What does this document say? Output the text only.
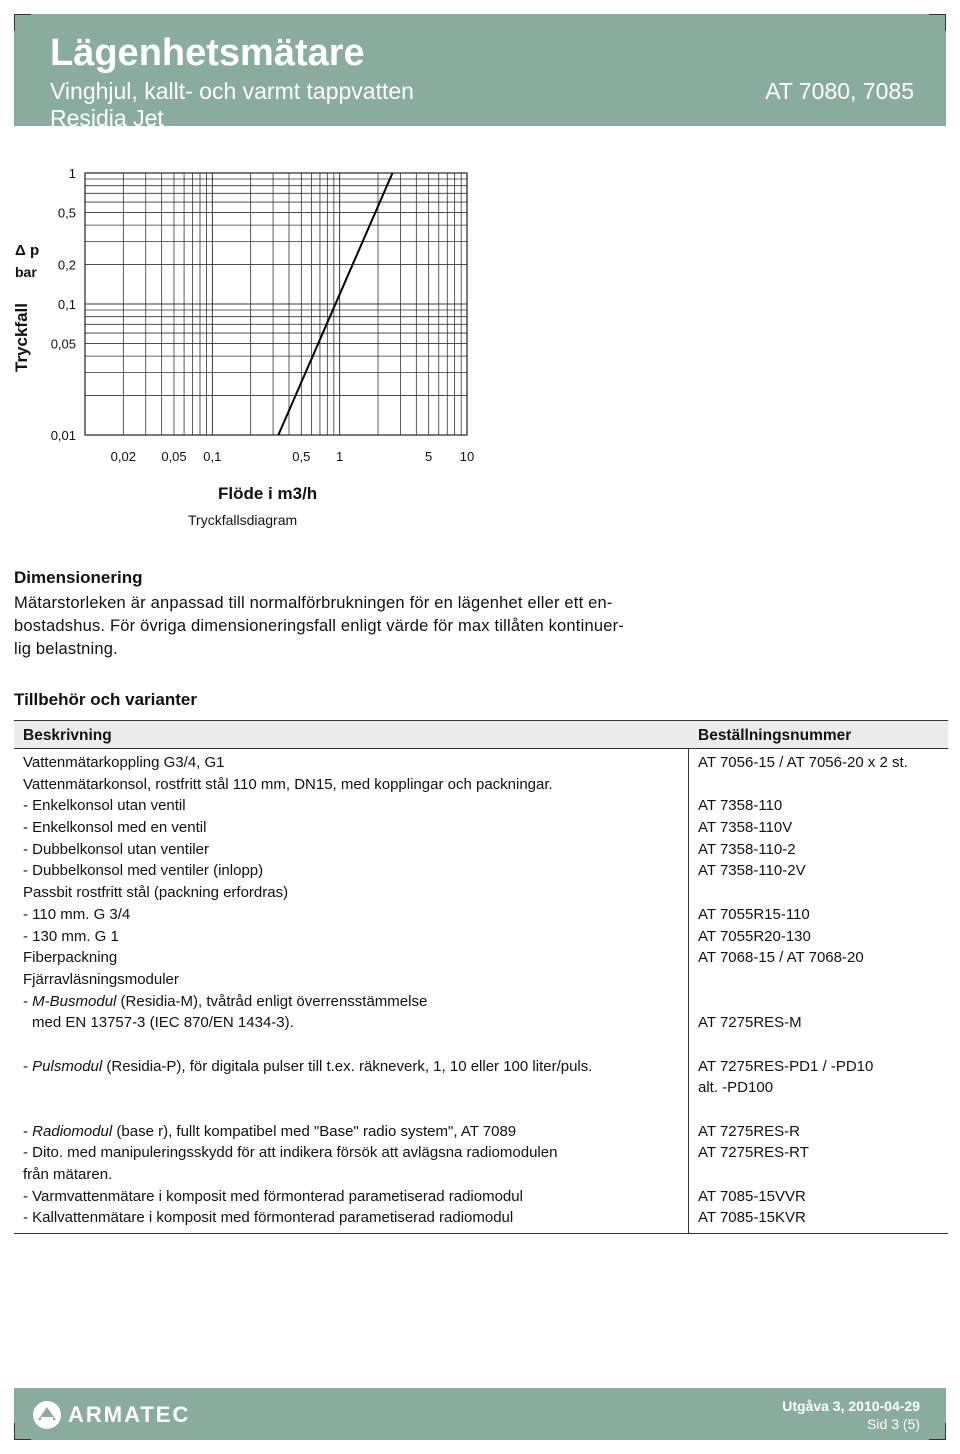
Lägenhetsmätare
Vinghjul, kallt- och varmt tappvatten
Residia Jet
AT 7080, 7085
0,02 0,05 0,1	0,5 1	5 10
1
0,5
0,2
0,1
0,05
0,01
Δ p
bar
Tryckfall
Flöde i m3/h
Tryckfallsdiagram
Dimensionering
Mätarstorleken är anpassad till normalförbrukningen för en lägenhet eller ett en-
bostadshus. För övriga dimensioneringsfall enligt värde för max tillåten kontinuer-
lig belastning.
Tillbehör och varianter
Beskrivning	Beställningsnummer
Vattenmätarkoppling G3/4, G1	AT 7056-15 / AT 7056-20 x 2 st.
Vattenmätarkonsol, rostfritt stål 110 mm, DN15, med kopplingar och packningar.
- Enkelkonsol utan ventil	AT 7358-110
- Enkelkonsol med en ventil	AT 7358-110V
- Dubbelkonsol utan ventiler	AT 7358-110-2
- Dubbelkonsol med ventiler (inlopp)	AT 7358-110-2V
Passbit rostfritt stål (packning erfordras)
- 110 mm. G 3/4	AT 7055R15-110
- 130 mm. G 1	AT 7055R20-130
Fiberpackning	AT 7068-15 / AT 7068-20
Fjärravläsningsmoduler
- M-Busmodul (Residia-M), tvåtråd enligt överrensstämmelse
med EN 13757-3 (IEC 870/EN 1434-3).	AT 7275RES-M
- Pulsmodul (Residia-P), för digitala pulser till t.ex. räkneverk, 1, 10 eller 100 liter/puls.	AT 7275RES-PD1 / -PD10
alt. -PD100
- Radiomodul (base r), fullt kompatibel med "Base" radio system", AT 7089	AT 7275RES-R
- Dito. med manipuleringsskydd för att indikera försök att avlägsna radiomodulen	AT 7275RES-RT
från mätaren.
- Varmvattenmätare i komposit med förmonterad parametiserad radiomodul	AT 7085-15VVR
- Kallvattenmätare i komposit med förmonterad parametiserad radiomodul	AT 7085-15KVR
ARMATEC	Utgåva 3, 2010-04-29
Sid 3 (5)
